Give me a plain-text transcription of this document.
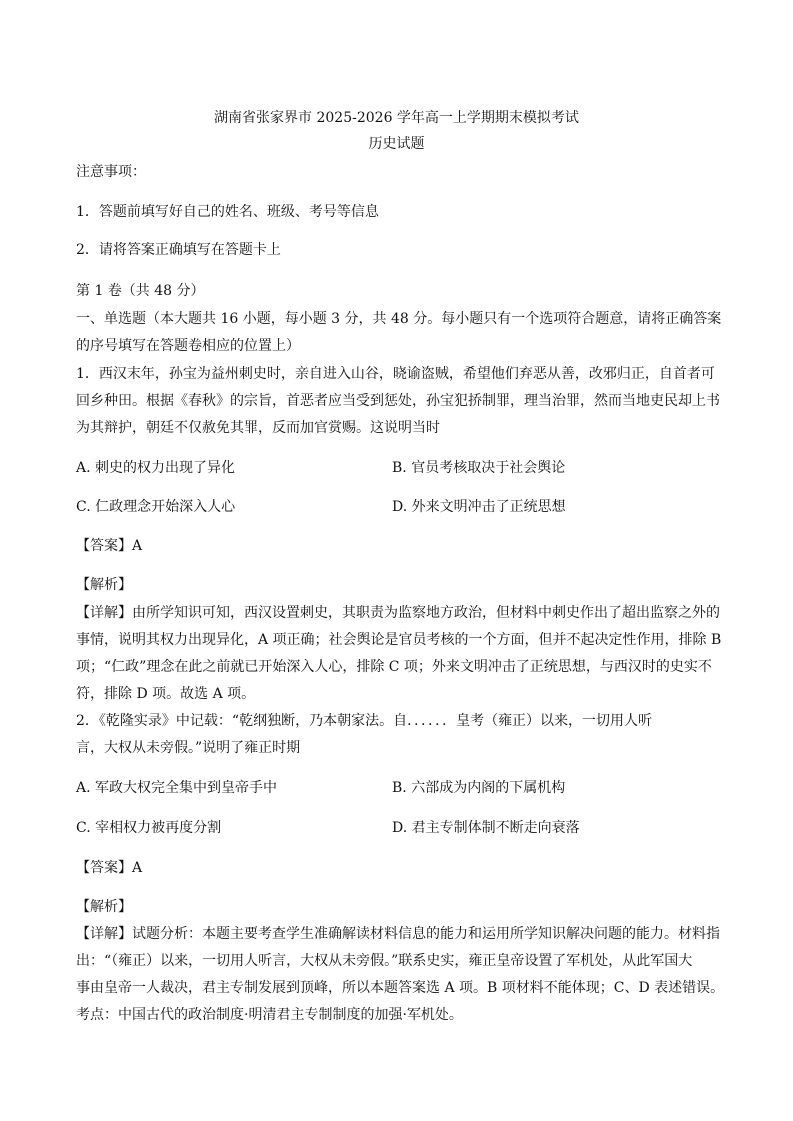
湖南省张家界市 2025-2026 学年高一上学期期末模拟考试
历史试题
注意事项：
1．答题前填写好自己的姓名、班级、考号等信息
2．请将答案正确填写在答题卡上
第 1 卷（共 48 分）
一、单选题（本大题共 16 小题，每小题 3 分，共 48 分。每小题只有一个选项符合题意，请将正确答案
的序号填写在答题卷相应的位置上）
1．西汉末年，孙宝为益州刺史时，亲自进入山谷，晓谕盗贼，希望他们弃恶从善，改邪归正，自首者可
回乡种田。根据《春秋》的宗旨，首恶者应当受到惩处，孙宝犯挢制罪，理当治罪，然而当地吏民却上书
为其辩护，朝廷不仅赦免其罪，反而加官赏赐。这说明当时
A. 刺史的权力出现了异化	B. 官员考核取决于社会舆论
C. 仁政理念开始深入人心	D. 外来文明冲击了正统思想
【答案】A
【解析】
【详解】由所学知识可知，西汉设置刺史，其职责为监察地方政治，但材料中刺史作出了超出监察之外的
事情，说明其权力出现异化，A 项正确；社会舆论是官员考核的一个方面，但并不起决定性作用，排除 B
项；“仁政”理念在此之前就已开始深入人心，排除 C 项；外来文明冲击了正统思想，与西汉时的史实不
符，排除 D 项。故选 A 项。
2．《乾隆实录》中记载：“乾纲独断，乃本朝家法。自．．．．．．皇考（雍正）以来，一切用人听
言，大权从未旁假。”说明了雍正时期
A. 军政大权完全集中到皇帝手中	B. 六部成为内阁的下属机构
C. 宰相权力被再度分割	D. 君主专制体制不断走向衰落
【答案】A
【解析】
【详解】试题分析：本题主要考查学生准确解读材料信息的能力和运用所学知识解决问题的能力。材料指
出：“（雍正）以来，一切用人听言，大权从未旁假。”联系史实，雍正皇帝设置了军机处，从此军国大
事由皇帝一人裁决，君主专制发展到顶峰，所以本题答案选 A 项。B 项材料不能体现；C、D 表述错误。
考点：中国古代的政治制度·明清君主专制制度的加强·军机处。
